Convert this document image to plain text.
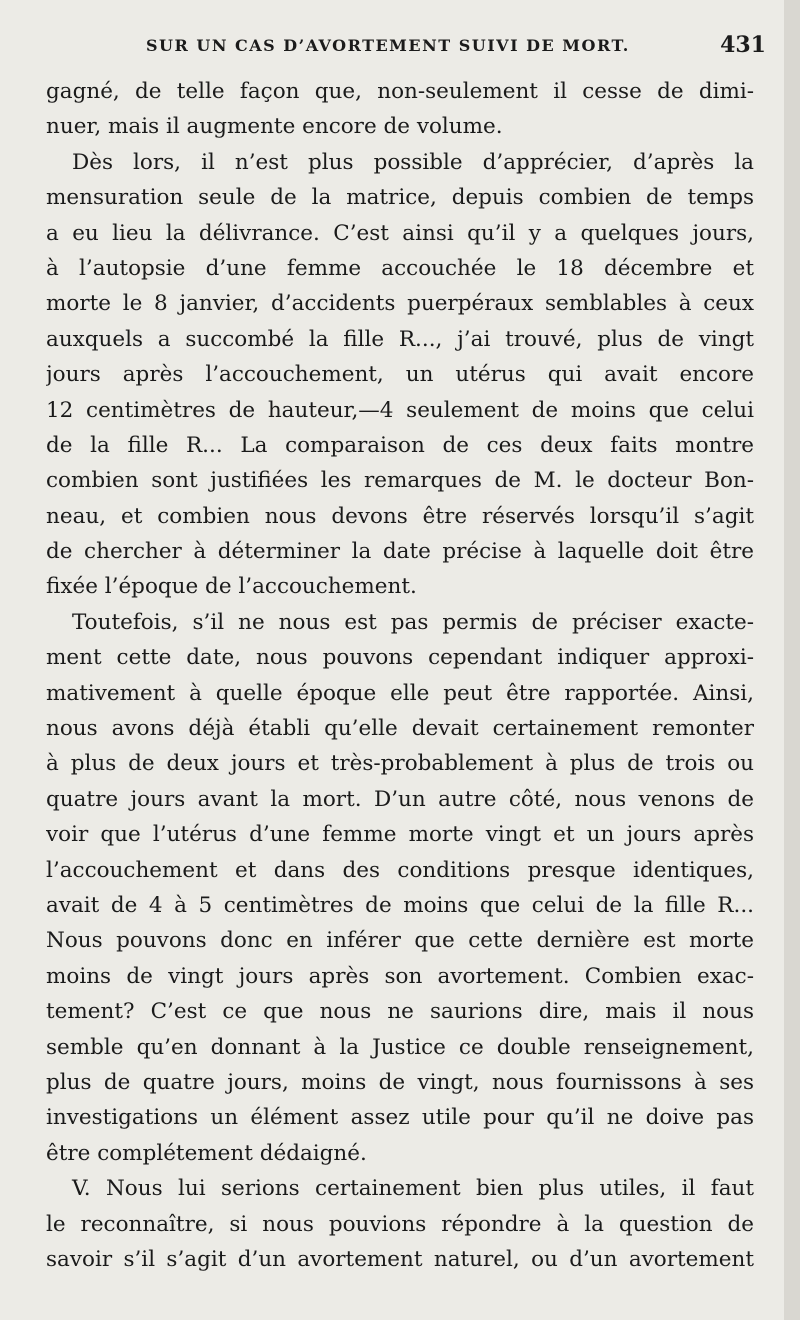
SUR UN CAS D’AVORTEMENT SUIVI DE MORT.	431
gagné, de telle façon que, non-seulement il cesse de dimi-
nuer, mais il augmente encore de volume.
Dès lors, il n’est plus possible d’apprécier, d’après la
mensuration seule de la matrice, depuis combien de temps
a eu lieu la délivrance. C’est ainsi qu’il y a quelques jours,
à l’autopsie d’une femme accouchée le 18 décembre et
morte le 8 janvier, d’accidents puerpéraux semblables à ceux
auxquels a succombé la fille R..., j’ai trouvé, plus de vingt
jours après l’accouchement, un utérus qui avait encore
12 centimètres de hauteur,—4 seulement de moins que celui
de la fille R... La comparaison de ces deux faits montre
combien sont justifiées les remarques de M. le docteur Bon-
neau, et combien nous devons être réservés lorsqu’il s’agit
de chercher à déterminer la date précise à laquelle doit être
fixée l’époque de l’accouchement.
Toutefois, s’il ne nous est pas permis de préciser exacte-
ment cette date, nous pouvons cependant indiquer approxi-
mativement à quelle époque elle peut être rapportée. Ainsi,
nous avons déjà établi qu’elle devait certainement remonter
à plus de deux jours et très-probablement à plus de trois ou
quatre jours avant la mort. D’un autre côté, nous venons de
voir que l’utérus d’une femme morte vingt et un jours après
l’accouchement et dans des conditions presque identiques,
avait de 4 à 5 centimètres de moins que celui de la fille R...
Nous pouvons donc en inférer que cette dernière est morte
moins de vingt jours après son avortement. Combien exac-
tement? C’est ce que nous ne saurions dire, mais il nous
semble qu’en donnant à la Justice ce double renseignement,
plus de quatre jours, moins de vingt, nous fournissons à ses
investigations un élément assez utile pour qu’il ne doive pas
être complétement dédaigné.
V. Nous lui serions certainement bien plus utiles, il faut
le reconnaître, si nous pouvions répondre à la question de
savoir s’il s’agit d’un avortement naturel, ou d’un avortement
